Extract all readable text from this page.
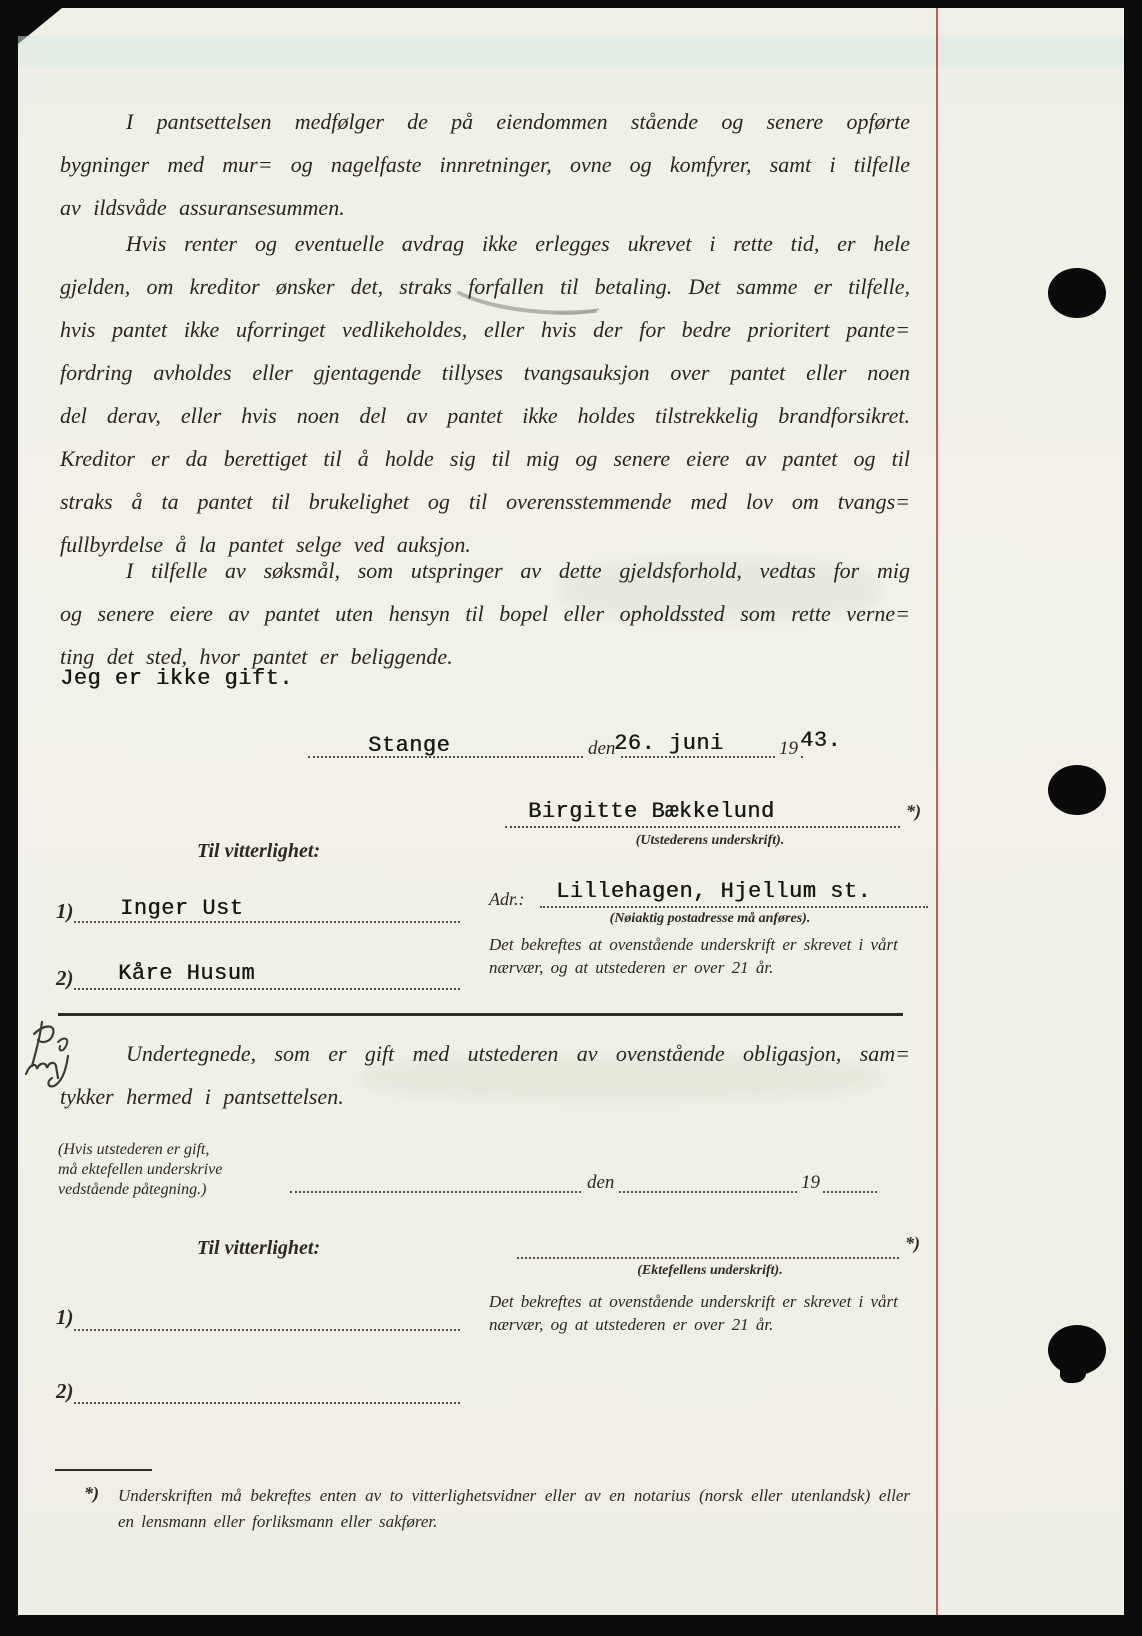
I pantsettelsen medfølger de på eiendommen stående og senere opførte
bygninger med mur= og nagelfaste innretninger, ovne og komfyrer, samt i tilfelle
av ildsvåde assuransesummen.
Hvis renter og eventuelle avdrag ikke erlegges ukrevet i rette tid, er hele
gjelden, om kreditor ønsker det, straks forfallen til betaling. Det samme er tilfelle,
hvis pantet ikke uforringet vedlikeholdes, eller hvis der for bedre prioritert pante=
fordring avholdes eller gjentagende tillyses tvangsauksjon over pantet eller noen
del derav, eller hvis noen del av pantet ikke holdes tilstrekkelig brandforsikret.
Kreditor er da berettiget til å holde sig til mig og senere eiere av pantet og til
straks å ta pantet til brukelighet og til overensstemmende med lov om tvangs=
fullbyrdelse å la pantet selge ved auksjon.
I tilfelle av søksmål, som utspringer av dette gjeldsforhold, vedtas for mig
og senere eiere av pantet uten hensyn til bopel eller opholdssted som rette verne=
ting det sted, hvor pantet er beliggende.
Jeg er ikke gift.
Stange	den
26. juni	19 43.
Birgitte Bækkelund	*)
(Utstederens underskrift).
Til vitterlighet:
Adr.: Lillehagen, Hjellum st.
(Nøiaktig postadresse må anføres).
1) Inger Ust
Det bekreftes at ovenstående underskrift er skrevet i vårt
nærvær, og at utstederen er over 21 år.
2) Kåre Husum
Undertegnede, som er gift med utstederen av ovenstående obligasjon, sam=
tykker hermed i pantsettelsen.
(Hvis utstederen er gift,
må ektefellen underskrive
vedstående påtegning.)	den	19
Til vitterlighet:	*)
(Ektefellens underskrift).
Det bekreftes at ovenstående underskrift er skrevet i vårt
nærvær, og at utstederen er over 21 år.
1)
2)
*) Underskriften må bekreftes enten av to vitterlighetsvidner eller av en notarius (norsk eller utenlandsk) eller
en lensmann eller forliksmann eller sakfører.
